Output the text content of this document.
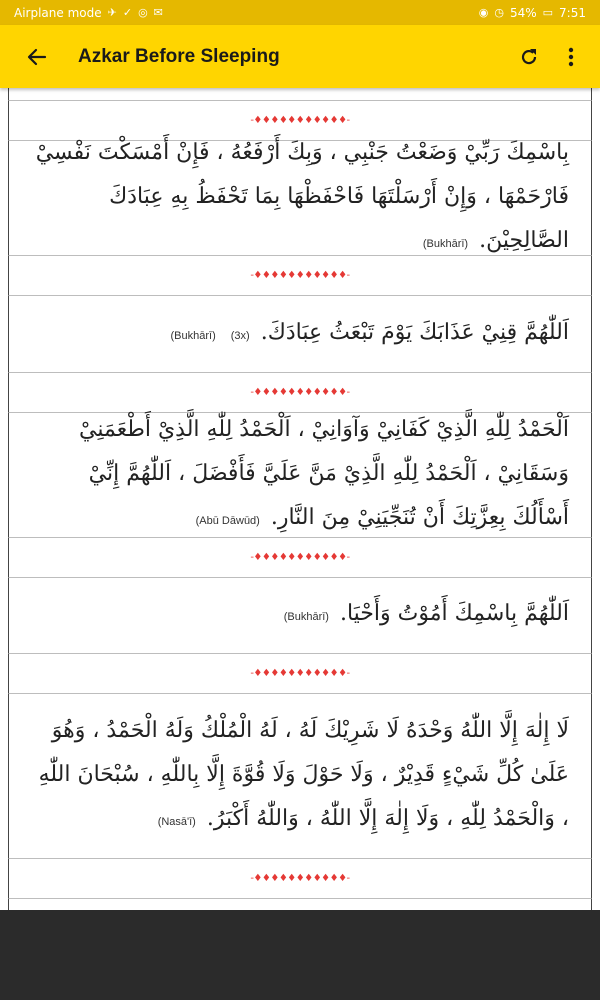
Airplane mode ✈ ✓ ◎ ✉	◉ ◷ 54% ▭ 7:51
Azkar Before Sleeping
-♦♦♦♦♦♦♦♦♦♦♦-
بِاسْمِكَ رَبِّيْ وَضَعْتُ جَنْبِي ، وَبِكَ أَرْفَعُهُ ، فَإِنْ أَمْسَكْتَ نَفْسِيْ فَارْحَمْهَا ، وَإِنْ أَرْسَلْتَهَا فَاحْفَظْهَا بِمَا تَحْفَظُ بِهِ عِبَادَكَ الصَّالِحِيْنَ. (Bukhārī)
-♦♦♦♦♦♦♦♦♦♦♦-
اَللّٰهُمَّ قِنِيْ عَذَابَكَ يَوْمَ تَبْعَثُ عِبَادَكَ. (3x) (Bukhārī)
-♦♦♦♦♦♦♦♦♦♦♦-
اَلْحَمْدُ لِلّٰهِ الَّذِيْ كَفَانِيْ وَآوَانِيْ ، اَلْحَمْدُ لِلّٰهِ الَّذِيْ أَطْعَمَنِيْ وَسَقَانِيْ ، اَلْحَمْدُ لِلّٰهِ الَّذِيْ مَنَّ عَلَيَّ فَأَفْضَلَ ، اَللّٰهُمَّ إِنِّيْ أَسْأَلُكَ بِعِزَّتِكَ أَنْ تُنَجِّيَنِيْ مِنَ النَّارِ. (Abū Dāwūd)
-♦♦♦♦♦♦♦♦♦♦♦-
اَللّٰهُمَّ بِاسْمِكَ أَمُوْتُ وَأَحْيَا. (Bukhārī)
-♦♦♦♦♦♦♦♦♦♦♦-
لَا إِلٰهَ إِلَّا اللّٰهُ وَحْدَهُ لَا شَرِيْكَ لَهُ ، لَهُ الْمُلْكُ وَلَهُ الْحَمْدُ ، وَهُوَ عَلَىٰ كُلِّ شَيْءٍ قَدِيْرٌ ، وَلَا حَوْلَ وَلَا قُوَّةَ إِلَّا بِاللّٰهِ ، سُبْحَانَ اللّٰهِ ، وَالْحَمْدُ لِلّٰهِ ، وَلَا إِلٰهَ إِلَّا اللّٰهُ ، وَاللّٰهُ أَكْبَرُ. (Nasā'ī)
-♦♦♦♦♦♦♦♦♦♦♦-
